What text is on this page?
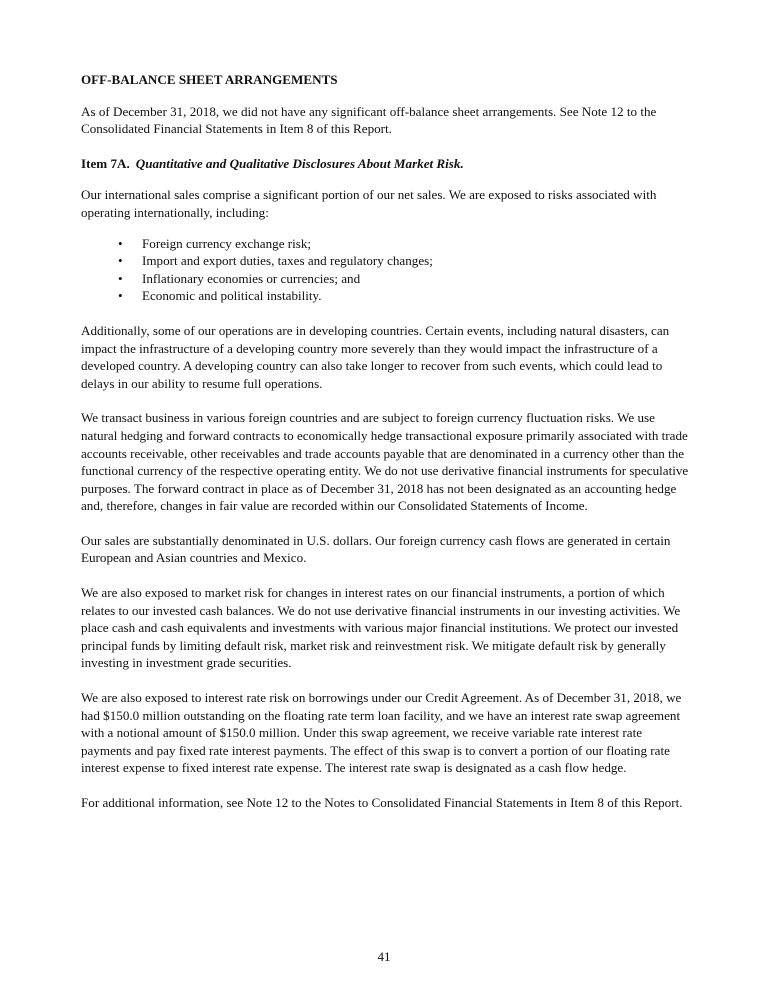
OFF-BALANCE SHEET ARRANGEMENTS

As of December 31, 2018, we did not have any significant off-balance sheet arrangements. See Note 12 to the Consolidated Financial Statements in Item 8 of this Report.

Item 7A. Quantitative and Qualitative Disclosures About Market Risk.

Our international sales comprise a significant portion of our net sales. We are exposed to risks associated with operating internationally, including:

• Foreign currency exchange risk;
• Import and export duties, taxes and regulatory changes;
• Inflationary economies or currencies; and
• Economic and political instability.

Additionally, some of our operations are in developing countries. Certain events, including natural disasters, can impact the infrastructure of a developing country more severely than they would impact the infrastructure of a developed country. A developing country can also take longer to recover from such events, which could lead to delays in our ability to resume full operations.

We transact business in various foreign countries and are subject to foreign currency fluctuation risks. We use natural hedging and forward contracts to economically hedge transactional exposure primarily associated with trade accounts receivable, other receivables and trade accounts payable that are denominated in a currency other than the functional currency of the respective operating entity. We do not use derivative financial instruments for speculative purposes. The forward contract in place as of December 31, 2018 has not been designated as an accounting hedge and, therefore, changes in fair value are recorded within our Consolidated Statements of Income.

Our sales are substantially denominated in U.S. dollars. Our foreign currency cash flows are generated in certain European and Asian countries and Mexico.

We are also exposed to market risk for changes in interest rates on our financial instruments, a portion of which relates to our invested cash balances. We do not use derivative financial instruments in our investing activities. We place cash and cash equivalents and investments with various major financial institutions. We protect our invested principal funds by limiting default risk, market risk and reinvestment risk. We mitigate default risk by generally investing in investment grade securities.

We are also exposed to interest rate risk on borrowings under our Credit Agreement. As of December 31, 2018, we had $150.0 million outstanding on the floating rate term loan facility, and we have an interest rate swap agreement with a notional amount of $150.0 million. Under this swap agreement, we receive variable rate interest rate payments and pay fixed rate interest payments. The effect of this swap is to convert a portion of our floating rate interest expense to fixed interest rate expense. The interest rate swap is designated as a cash flow hedge.

For additional information, see Note 12 to the Notes to Consolidated Financial Statements in Item 8 of this Report.

41
